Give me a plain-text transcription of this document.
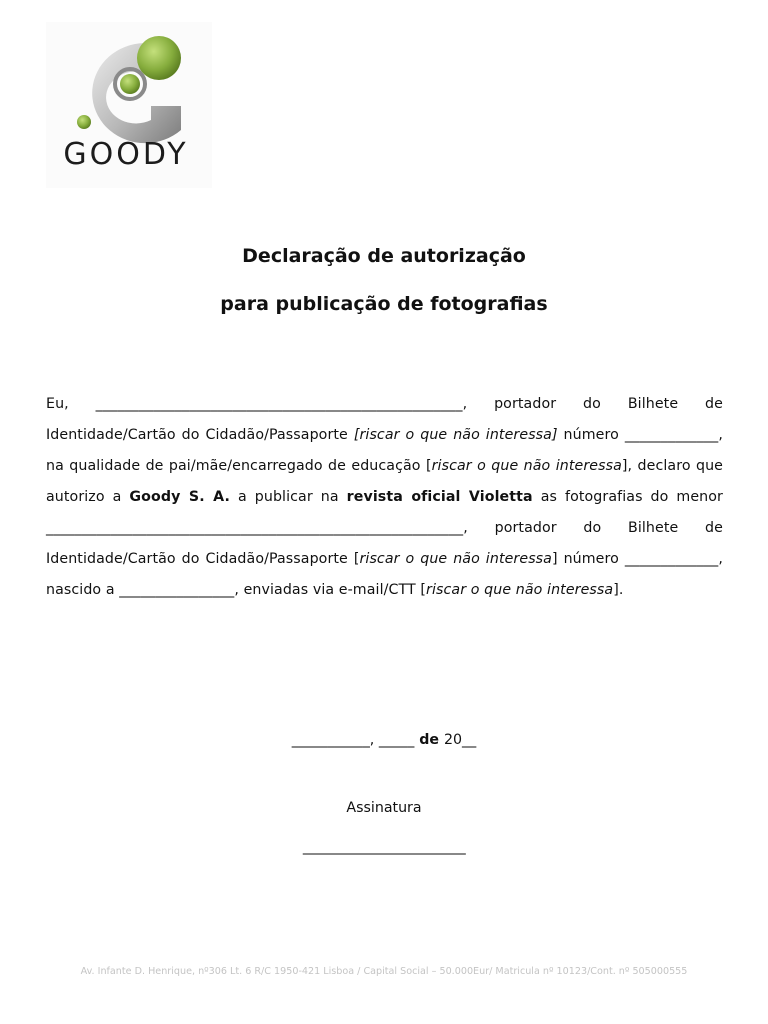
GOODY
Declaração de autorização
para publicação de fotografias
Eu, ___________________________________________________, portador do Bilhete de Identidade/Cartão do Cidadão/Passaporte [riscar o que não interessa] número _____________, na qualidade de pai/mãe/encarregado de educação [riscar o que não interessa], declaro que autorizo a Goody S. A. a publicar na revista oficial Violetta as fotografias do menor __________________________________________________________, portador do Bilhete de Identidade/Cartão do Cidadão/Passaporte [riscar o que não interessa] número _____________, nascido a ________________, enviadas via e-mail/CTT [riscar o que não interessa].
___________, _____ de 20__
Assinatura
_________________________
Av. Infante D. Henrique, nº306 Lt. 6 R/C 1950-421 Lisboa / Capital Social – 50.000Eur/ Matricula nº 10123/Cont. nº 505000555
